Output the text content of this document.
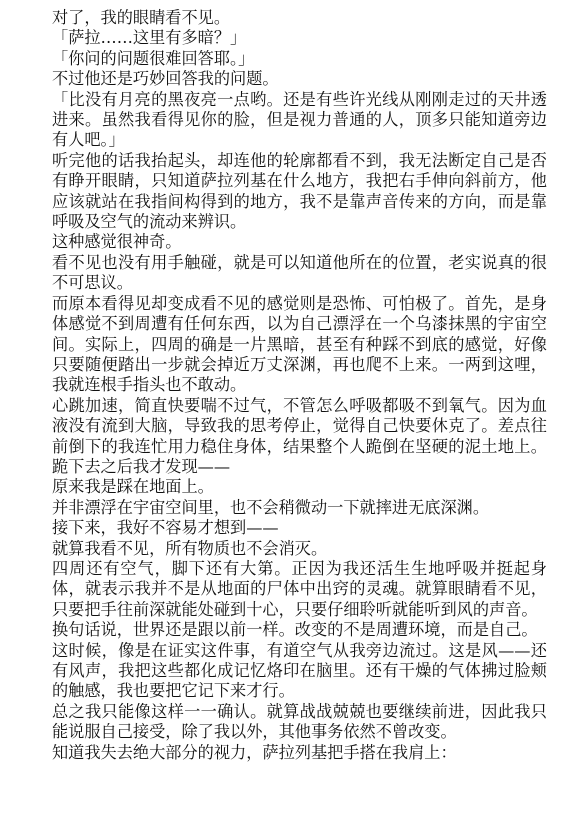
对了，我的眼睛看不见。

「萨拉……这里有多暗？」

「你问的问题很难回答耶。」

不过他还是巧妙回答我的问题。

「比没有月亮的黑夜亮一点哟。还是有些许光线从刚刚走过的天井透进来。虽然我看得见你的脸，但是视力普通的人，顶多只能知道旁边有人吧。」

听完他的话我抬起头，却连他的轮廓都看不到，我无法断定自己是否有睁开眼睛，只知道萨拉列基在什么地方，我把右手伸向斜前方，他应该就站在我指间构得到的地方，我不是靠声音传来的方向，而是靠呼吸及空气的流动来辨识。

这种感觉很神奇。

看不见也没有用手触碰，就是可以知道他所在的位置，老实说真的很不可思议。

而原本看得见却变成看不见的感觉则是恐怖、可怕极了。首先，是身体感觉不到周遭有任何东西，以为自己漂浮在一个乌漆抹黑的宇宙空间。实际上，四周的确是一片黑暗，甚至有种踩不到底的感觉，好像只要随便踏出一步就会掉近万丈深渊，再也爬不上来。一两到这哩，我就连根手指头也不敢动。

心跳加速，简直快要喘不过气，不管怎么呼吸都吸不到氧气。因为血液没有流到大脑，导致我的思考停止，觉得自己快要休克了。差点往前倒下的我连忙用力稳住身体，结果整个人跪倒在坚硬的泥土地上。跪下去之后我才发现——

原来我是踩在地面上。

并非漂浮在宇宙空间里，也不会稍微动一下就摔进无底深渊。

接下来，我好不容易才想到——

就算我看不见，所有物质也不会消灭。

四周还有空气，脚下还有大第。正因为我还活生生地呼吸并挺起身体，就表示我并不是从地面的尸体中出窍的灵魂。就算眼睛看不见，只要把手往前深就能处碰到十心，只要仔细聆听就能听到风的声音。

换句话说，世界还是跟以前一样。改变的不是周遭环境，而是自己。

这时候，像是在证实这件事，有道空气从我旁边流过。这是风——还有风声，我把这些都化成记忆烙印在脑里。还有干燥的气体拂过脸颊的触感，我也要把它记下来才行。

总之我只能像这样一一确认。就算战战兢兢也要继续前进，因此我只能说服自己接受，除了我以外，其他事务依然不曾改变。

知道我失去绝大部分的视力，萨拉列基把手搭在我肩上：
